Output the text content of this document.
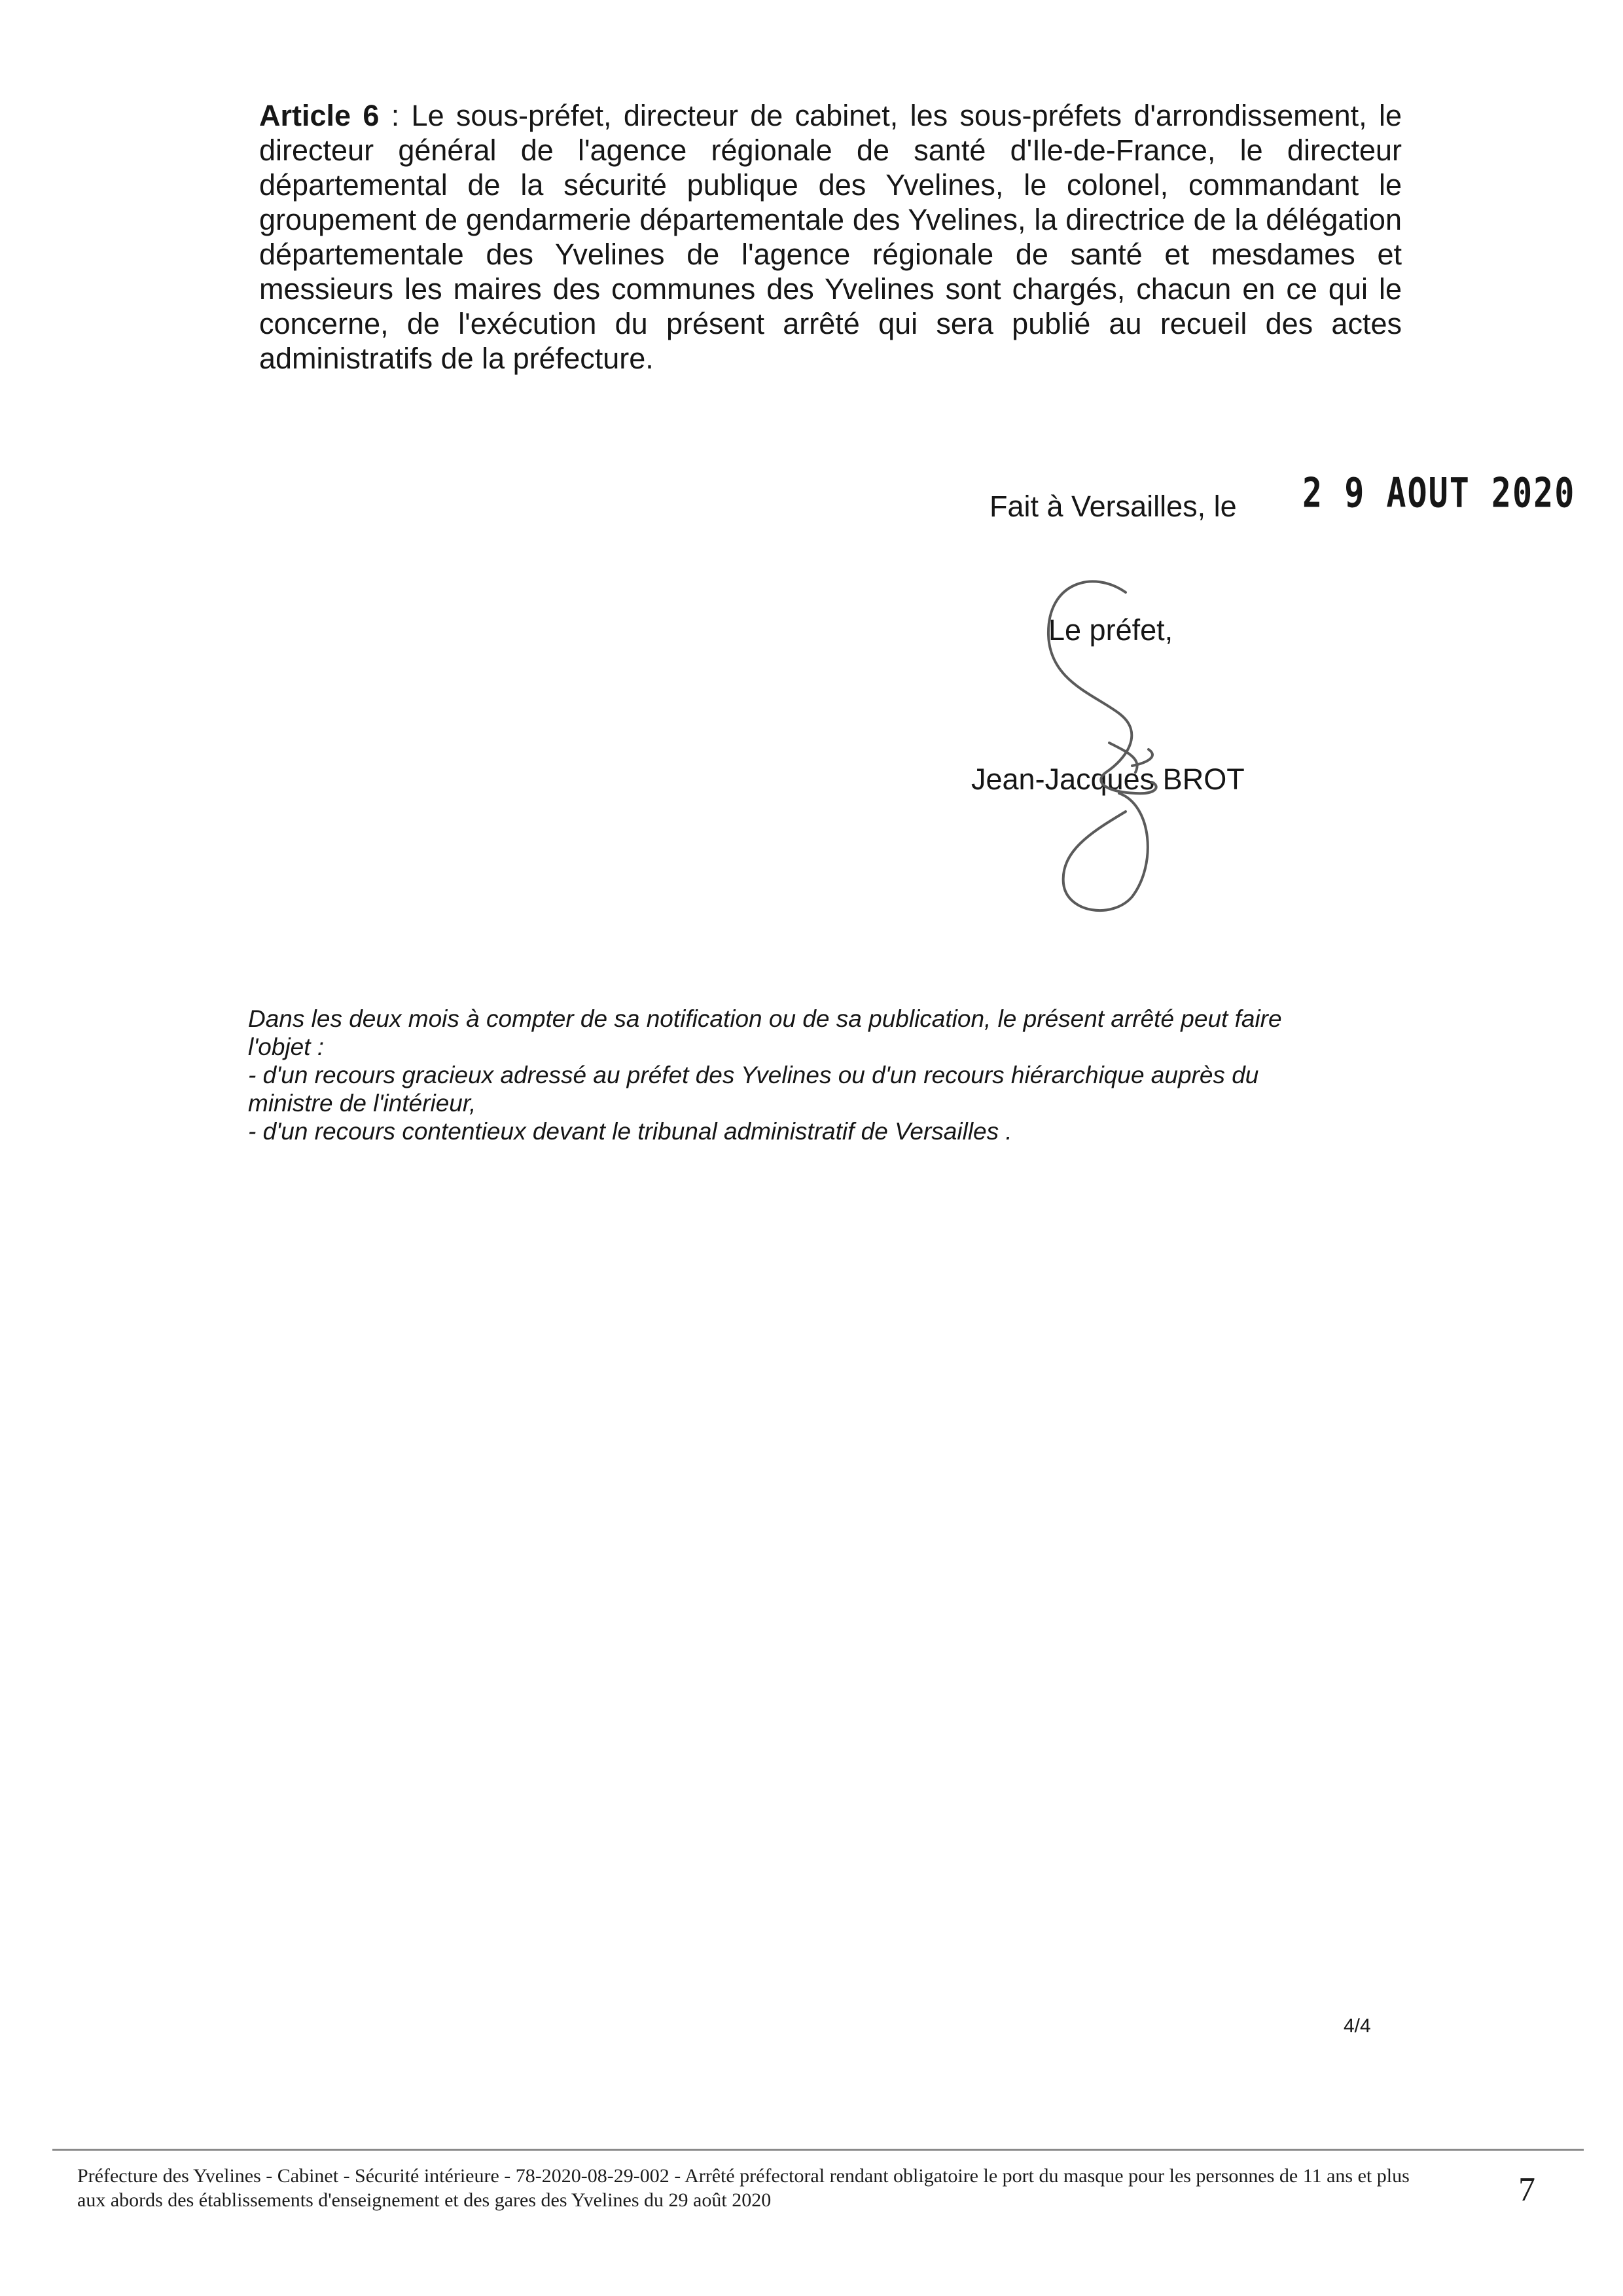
Article 6 : Le sous-préfet, directeur de cabinet, les sous-préfets d'arrondissement, le directeur général de l'agence régionale de santé d'Ile-de-France, le directeur départemental de la sécurité publique des Yvelines, le colonel, commandant le groupement de gendarmerie départementale des Yvelines, la directrice de la délégation départementale des Yvelines de l'agence régionale de santé et mesdames et messieurs les maires des communes des Yvelines sont chargés, chacun en ce qui le concerne, de l'exécution du présent arrêté qui sera publié au recueil des actes administratifs de la préfecture.
Fait à Versailles, le 2 9 AOUT 2020
Le préfet,
Jean-Jacques BROT

Dans les deux mois à compter de sa notification ou de sa publication, le présent arrêté peut faire l'objet :

- d'un recours gracieux adressé au préfet des Yvelines ou d'un recours hiérarchique auprès du ministre de l'intérieur,

- d'un recours contentieux devant le tribunal administratif de Versailles .

4/4
Préfecture des Yvelines - Cabinet - Sécurité intérieure - 78-2020-08-29-002 - Arrêté préfectoral rendant obligatoire le port du masque pour les personnes de 11 ans et plus aux abords des établissements d'enseignement et des gares des Yvelines du 29 août 2020	7
